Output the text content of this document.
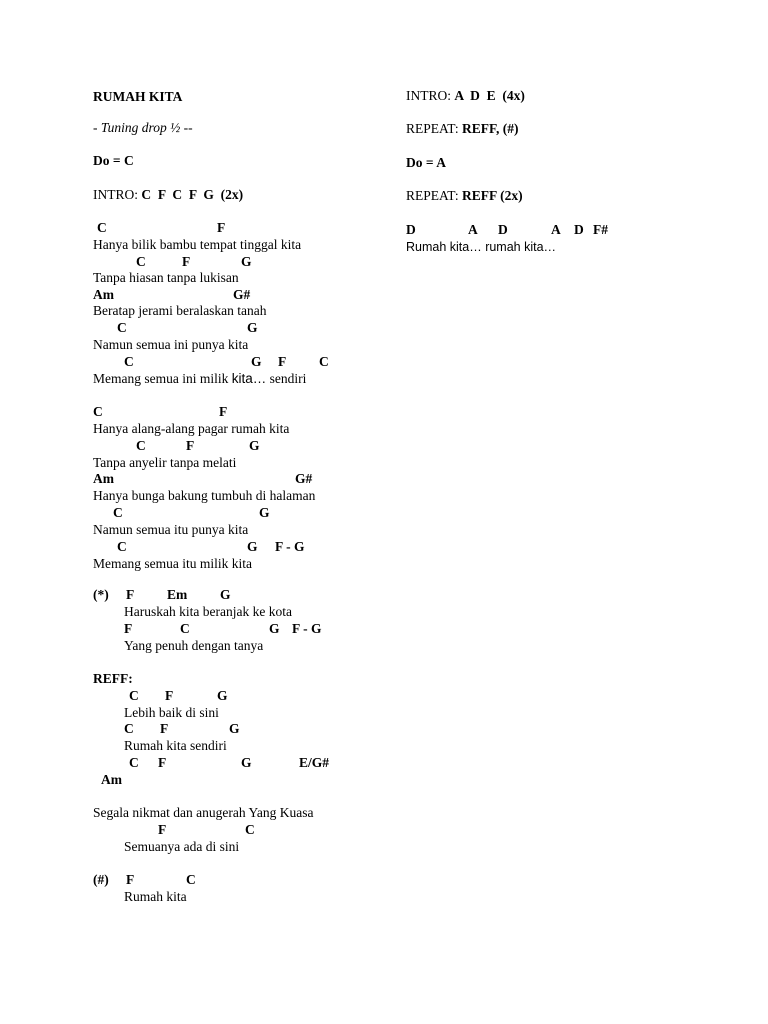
RUMAH KITA
- Tuning drop ½ --
Do = C
INTRO: C  F  C  F  G  (2x)
C	F
Hanya bilik bambu tempat tinggal kita
C	F	G
Tanpa hiasan tanpa lukisan
Am	G#
Beratap jerami beralaskan tanah
C	G
Namun semua ini punya kita
C	G F C
Memang semua ini milik kita… sendiri
C	F
Hanya alang-alang pagar rumah kita
C	F	G
Tanpa anyelir tanpa melati
Am	G#
Hanya bunga bakung tumbuh di halaman
C	G
Namun semua itu punya kita
C	G F - G
Memang semua itu milik kita
(*) F Em G
Haruskah kita beranjak ke kota
F	C	G F - G
Yang penuh dengan tanya
REFF:
C F	G
Lebih baik di sini
C F	G
Rumah kita sendiri
C F	G	E/G#
Am
Segala nikmat dan anugerah Yang Kuasa
F	C
Semuanya ada di sini
(#) F	C
Rumah kita
INTRO: A  D  E  (4x)
REPEAT: REFF, (#)
Do = A
REPEAT: REFF (2x)
D	A D	A D F#
Rumah kita… rumah kita…
